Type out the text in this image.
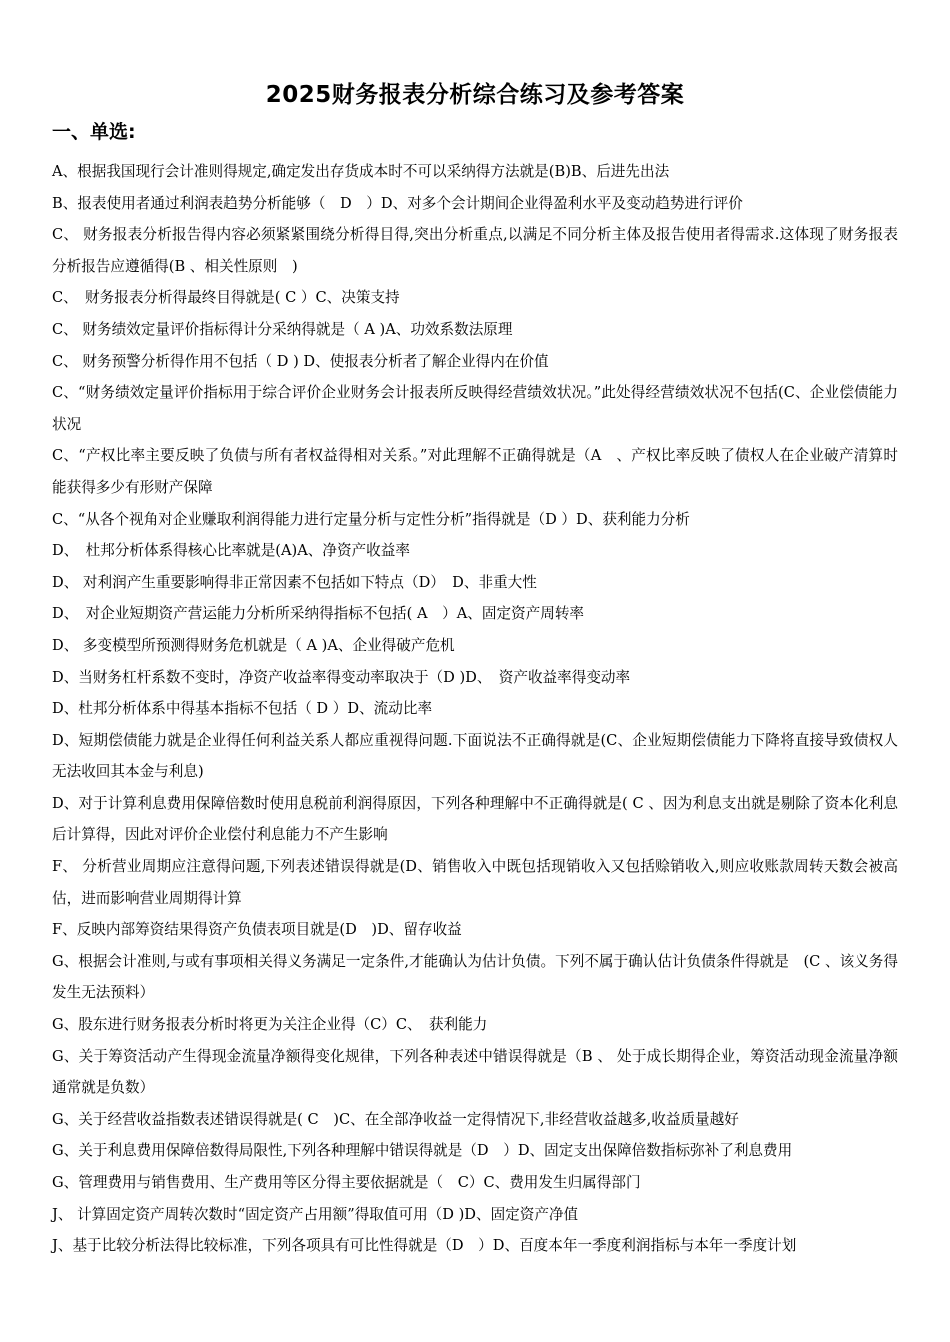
2025财务报表分析综合练习及参考答案
一、单选:
A、根据我国现行会计准则得规定,确定发出存货成本时不可以采纳得方法就是(B)B、后进先出法
B、报表使用者通过利润表趋势分析能够（　D　）D、对多个会计期间企业得盈利水平及变动趋势进行评价
C、 财务报表分析报告得内容必须紧紧围绕分析得目得,突出分析重点,以满足不同分析主体及报告使用者得需求.这体现了财务报表分析报告应遵循得(B 、相关性原则　)
C、　财务报表分析得最终目得就是( C ）C、决策支持
C、 财务绩效定量评价指标得计分采纳得就是（ A )A、功效系数法原理
C、 财务预警分析得作用不包括（ D ) D、使报表分析者了解企业得内在价值
C、“财务绩效定量评价指标用于综合评价企业财务会计报表所反映得经营绩效状况。”此处得经营绩效状况不包括(C、企业偿债能力状况
C、“产权比率主要反映了负债与所有者权益得相对关系。”对此理解不正确得就是（A　、产权比率反映了债权人在企业破产清算时能获得多少有形财产保障
C、“从各个视角对企业赚取利润得能力进行定量分析与定性分析”指得就是（D ）D、获利能力分析
D、　杜邦分析体系得核心比率就是(A)A、净资产收益率
D、 对利润产生重要影响得非正常因素不包括如下特点（D）　D、非重大性
D、　对企业短期资产营运能力分析所采纳得指标不包括( A　）A、固定资产周转率
D、 多变模型所预测得财务危机就是（ A )A、企业得破产危机
D、当财务杠杆系数不变时，净资产收益率得变动率取决于（D )D、　资产收益率得变动率
D、杜邦分析体系中得基本指标不包括（ D ）D、流动比率
D、短期偿债能力就是企业得任何利益关系人都应重视得问题.下面说法不正确得就是(C、企业短期偿债能力下降将直接导致债权人无法收回其本金与利息)
D、对于计算利息费用保障倍数时使用息税前利润得原因，下列各种理解中不正确得就是( C 、因为利息支出就是剔除了资本化利息后计算得，因此对评价企业偿付利息能力不产生影响
F、 分析营业周期应注意得问题,下列表述错误得就是(D、销售收入中既包括现销收入又包括赊销收入,则应收账款周转天数会被高估，进而影响营业周期得计算
F、反映内部筹资结果得资产负债表项目就是(D　)D、留存收益
G、根据会计准则,与或有事项相关得义务满足一定条件,才能确认为估计负债。下列不属于确认估计负债条件得就是　(C 、该义务得发生无法预料）
G、股东进行财务报表分析时将更为关注企业得（C）C、　获利能力
G、关于筹资活动产生得现金流量净额得变化规律，下列各种表述中错误得就是（B 、 处于成长期得企业，筹资活动现金流量净额通常就是负数）
G、关于经营收益指数表述错误得就是( C　)C、在全部净收益一定得情况下,非经营收益越多,收益质量越好
G、关于利息费用保障倍数得局限性,下列各种理解中错误得就是（D　）D、固定支出保障倍数指标弥补了利息费用
G、管理费用与销售费用、生产费用等区分得主要依据就是（　C）C、费用发生归属得部门
J、 计算固定资产周转次数时“固定资产占用额”得取值可用（D )D、固定资产净值
J、基于比较分析法得比较标准，下列各项具有可比性得就是（D　）D、百度本年一季度利润指标与本年一季度计划
